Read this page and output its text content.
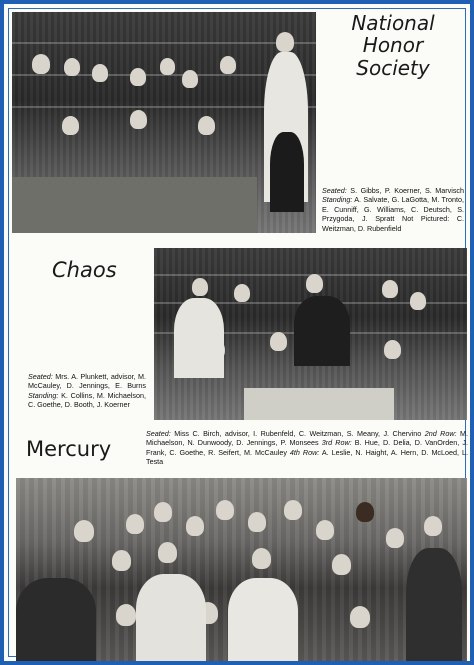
National
Honor
Society

Seated: S. Gibbs, P. Koerner, S. Marvisch Standing: A. Salvate, G. LaGotta, M. Tronto, E. Cunniff, G. Williams, C. Deutsch, S. Przygoda, J. Spratt Not Pictured: C. Weitzman, D. Rubenfield

Chaos

Seated: Mrs. A. Plunkett, advisor, M. McCauley, D. Jennings, E. Burns Standing: K. Collins, M. Michaelson, C. Goethe, D. Booth, J. Koerner

Mercury

Seated: Miss C. Birch, advisor, I. Rubenfeld, C. Weitzman, S. Meany, J. Chervino 2nd Row: M. Michaelson, N. Dunwoody, D. Jennings, P. Monsees 3rd Row: B. Hue, D. Delia, D. VanOrden, J. Frank, C. Goethe, R. Seifert, M. McCauley 4th Row: A. Leslie, N. Haight, A. Hern, D. McLoed, L. Testa
